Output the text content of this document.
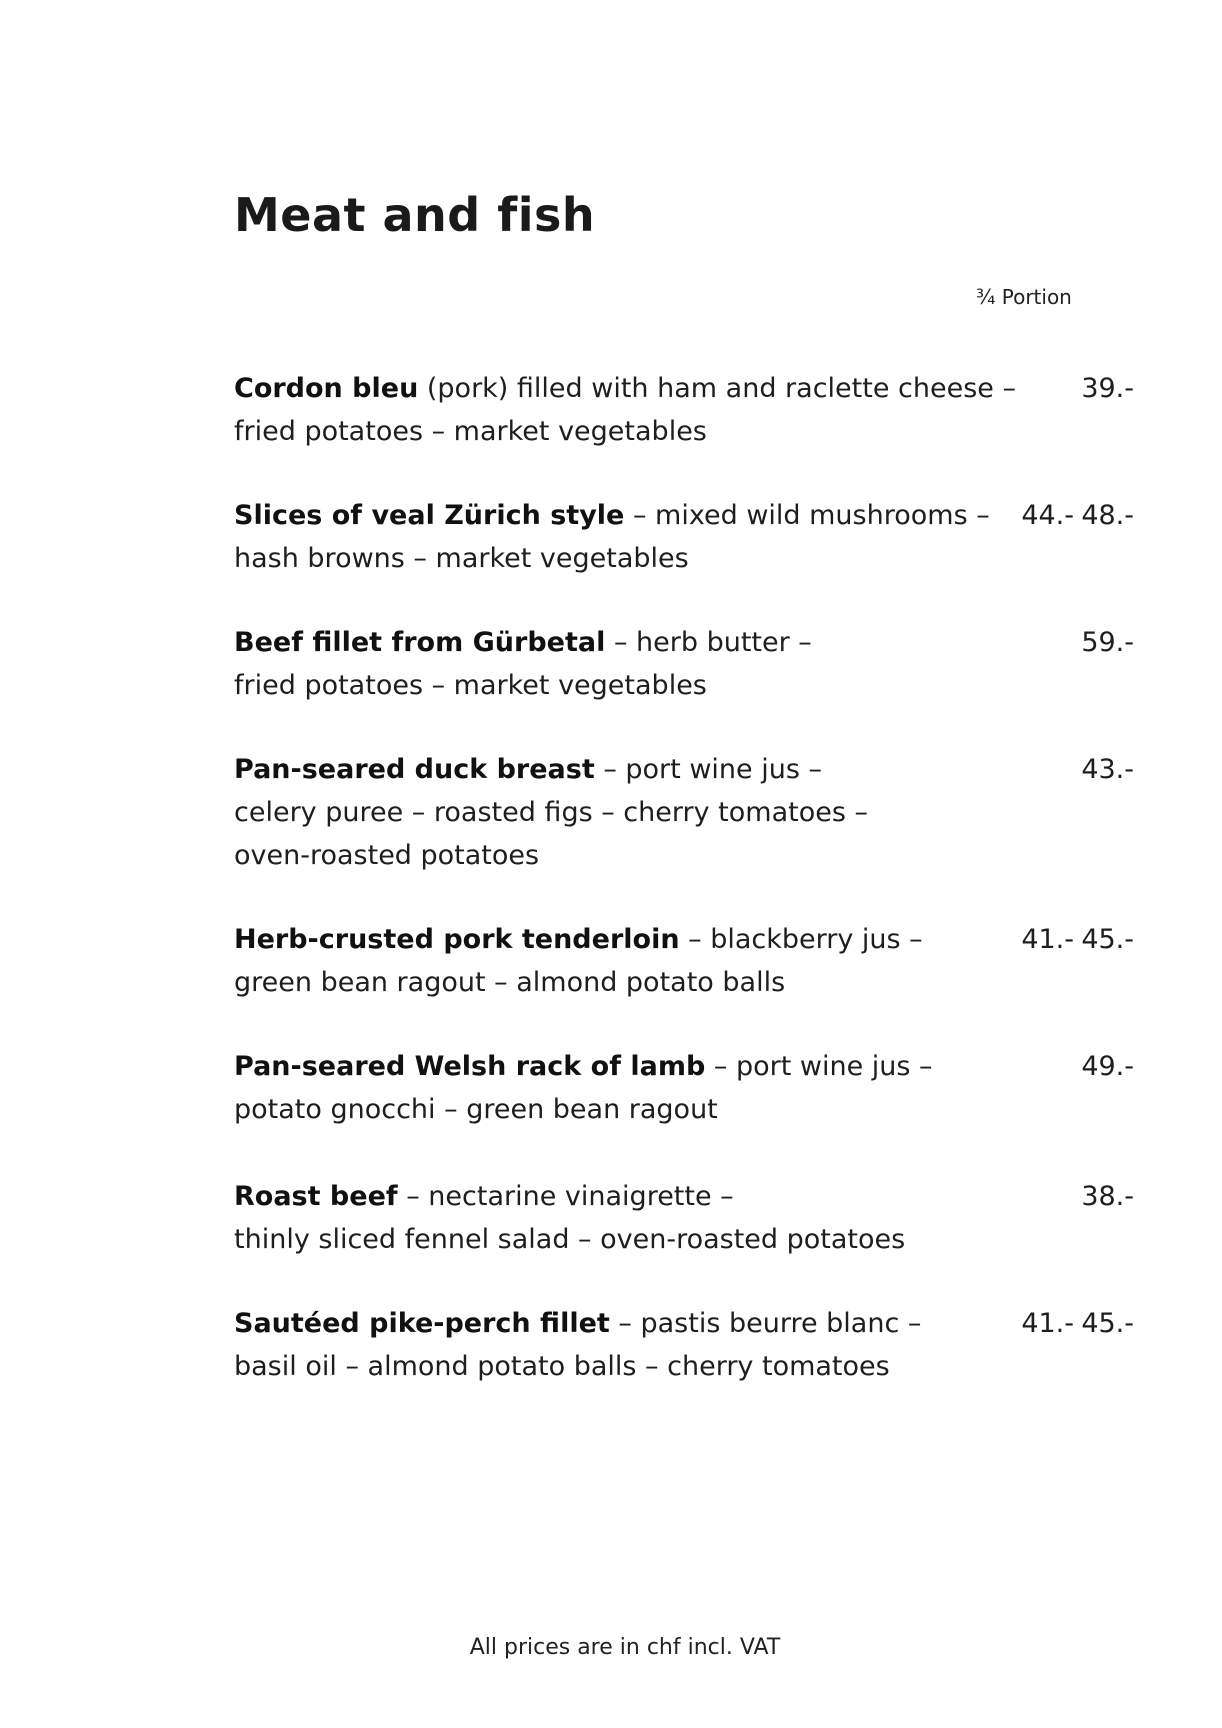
Meat and fish
¾ Portion
Cordon bleu (pork) filled with ham and raclette cheese –
fried potatoes – market vegetables
39.-
Slices of veal Zürich style – mixed wild mushrooms –
hash browns – market vegetables
44.- 48.-
Beef fillet from Gürbetal – herb butter –
fried potatoes – market vegetables
59.-
Pan-seared duck breast – port wine jus –
celery puree – roasted figs – cherry tomatoes –
oven-roasted potatoes
43.-
Herb-crusted pork tenderloin – blackberry jus –
green bean ragout – almond potato balls
41.- 45.-
Pan-seared Welsh rack of lamb – port wine jus –
potato gnocchi – green bean ragout
49.-
Roast beef – nectarine vinaigrette –
thinly sliced fennel salad – oven-roasted potatoes
38.-
Sautéed pike-perch fillet – pastis beurre blanc –
basil oil – almond potato balls – cherry tomatoes
41.- 45.-
All prices are in chf incl. VAT
